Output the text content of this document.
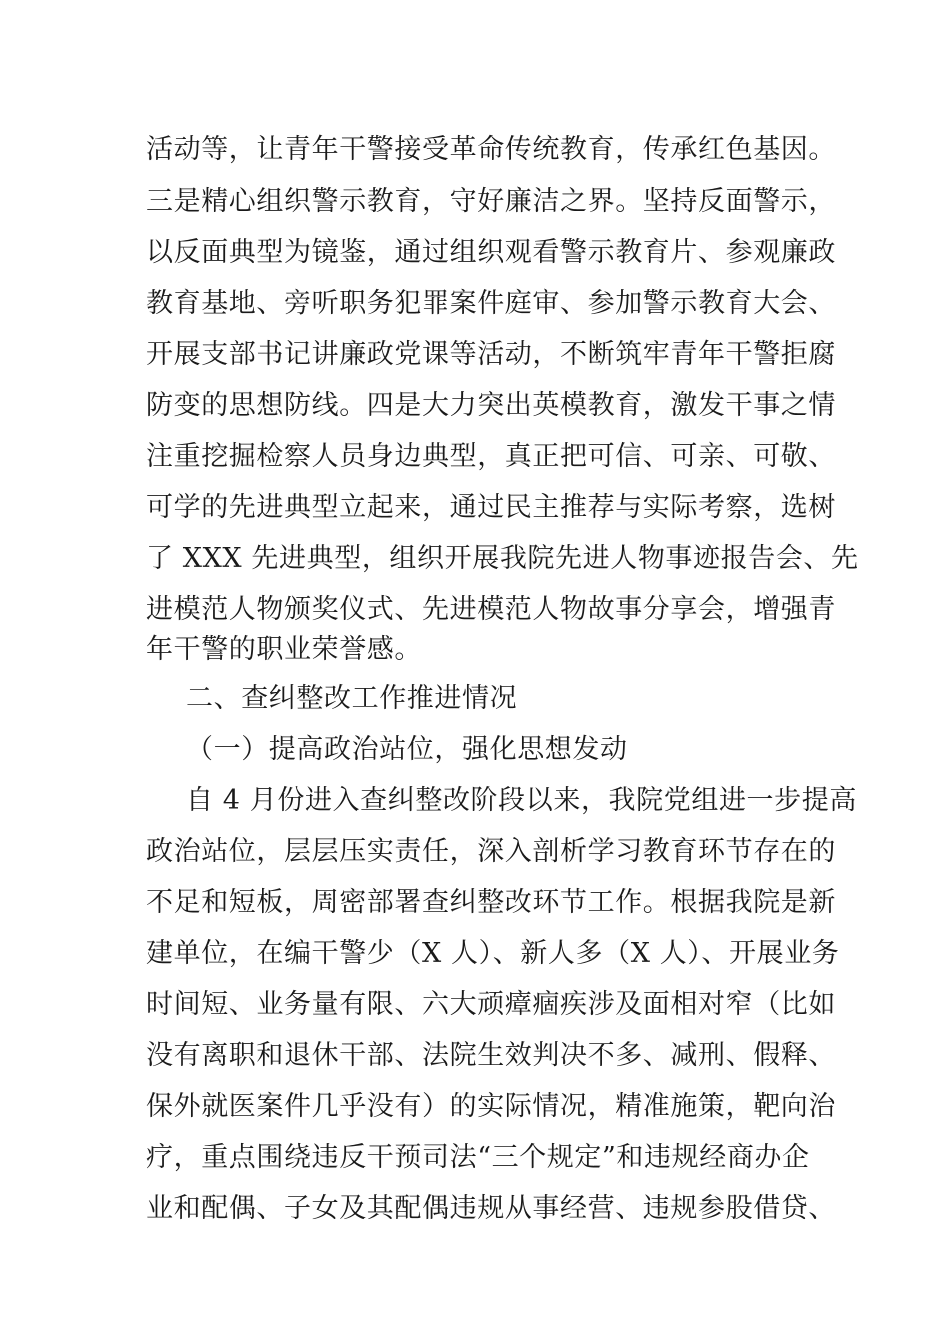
活动等，让青年干警接受革命传统教育，传承红色基因。
三是精心组织警示教育，守好廉洁之界。坚持反面警示，
以反面典型为镜鉴，通过组织观看警示教育片、参观廉政
教育基地、旁听职务犯罪案件庭审、参加警示教育大会、
开展支部书记讲廉政党课等活动，不断筑牢青年干警拒腐
防变的思想防线。四是大力突出英模教育，激发干事之情
注重挖掘检察人员身边典型，真正把可信、可亲、可敬、
可学的先进典型立起来，通过民主推荐与实际考察，选树
了 XXX 先进典型，组织开展我院先进人物事迹报告会、先
进模范人物颁奖仪式、先进模范人物故事分享会，增强青
年干警的职业荣誉感。
二、查纠整改工作推进情况
（一）提高政治站位，强化思想发动
自 4 月份进入查纠整改阶段以来，我院党组进一步提高
政治站位，层层压实责任，深入剖析学习教育环节存在的
不足和短板，周密部署查纠整改环节工作。根据我院是新
建单位，在编干警少（X 人）、新人多（X 人）、开展业务
时间短、业务量有限、六大顽瘴痼疾涉及面相对窄（比如
没有离职和退休干部、法院生效判决不多、减刑、假释、
保外就医案件几乎没有）的实际情况，精准施策，靶向治
疗，重点围绕违反干预司法“三个规定”和违规经商办企
业和配偶、子女及其配偶违规从事经营、违规参股借贷、
